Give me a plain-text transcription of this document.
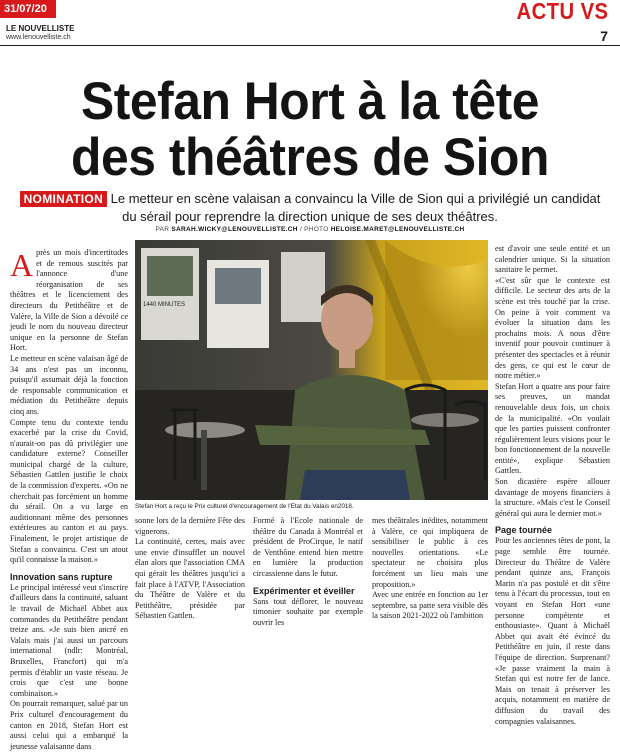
31/07/20
LE NOUVELLISTE
www.lenouvelliste.ch
ACTU VS
7
Stefan Hort à la tête
des théâtres de Sion
NOMINATION Le metteur en scène valaisan a convaincu la Ville de Sion qui a privilégié un candidat du sérail pour reprendre la direction unique de ses deux théâtres.
PAR SARAH.WICKY@LENOUVELLISTE.CH / PHOTO HELOISE.MARET@LENOUVELLISTE.CH
A près un mois d'incertitudes et de remous suscités par l'annonce d'une réorganisation de ses théâtres et le licenciement des directeurs du Petithéâtre et de Valère, la Ville de Sion a dévoilé ce jeudi le nom du nouveau directeur unique en la personne de Stefan Hort.

Le metteur en scène valaisan âgé de 34 ans n'est pas un inconnu, puisqu'il assumait déjà la fonction de responsable communication et médiation du Petithéâtre depuis cinq ans.

Compte tenu du contexte tendu exacerbé par la crise du Covid, n'aurait-on pas dû privilégier une candidature externe? Conseiller municipal chargé de la culture, Sébastien Gattlen justifie le choix de la commission d'experts. «On ne cherchait pas forcément un homme du sérail. On a vu large en auditionnant même des personnes extérieures au canton et au pays. Finalement, le projet artistique de Stefan a convaincu. C'est un atout qu'il connaisse la maison.»

Innovation sans rupture

Le principal intéressé veut s'inscrire d'ailleurs dans la continuité, saluant le travail de Michaël Abbet aux commandes du Petithéâtre pendant treize ans. «Je suis bien ancré en Valais mais j'ai aussi un parcours international (ndlr: Montréal, Bruxelles, Francfort) qui m'a permis d'établir un vaste réseau. Je crois que c'est une bonne combinaison.»

On pourrait remarquer, salué par un Prix culturel d'encouragement du canton en 2018, Stefan Hort est aussi celui qui a embarqué la jeunesse valaisanne dans

1440 MINUTES
Stefan Hort a reçu le Prix culturel d'encouragement de l'Etat du Valais en2018.

sonne lors de la dernière Fête des vignerons.

La continuité, certes, mais avec une envie d'insuffler un nouvel élan alors que l'association CMA qui gérait les théâtres jusqu'ici a fait place à l'ATVP, l'Association du Théâtre de Valère et du Petithéâtre, présidée par Sébastien Gattlen.

Formé à l'Ecole nationale de théâtre du Canada à Montréal et président de ProCirque, le natif de Venthône entend bien mettre en lumière la production circassienne dans le futur.

Expérimenter et éveiller

Sans tout déflorer, le nouveau timonier souhaite par exemple ouvrir les

mes théâtrales inédites, notamment à Valère, ce qui impliquera de sensibiliser le public à ces nouvelles orientations. «Le spectateur ne choisira plus forcément un lieu mais une proposition.»

Avec une entrée en fonction au 1er septembre, sa patte sera visible dès la saison 2021-2022 où l'ambition

est d'avoir une seule entité et un calendrier unique. Si la situation sanitaire le permet.

«C'est sûr que le contexte est difficile. Le secteur des arts de la scène est très touché par la crise. On peine à voir comment va évoluer la situation dans les prochains mois. A nous d'être inventif pour pouvoir continuer à présenter des spectacles et à réunir des gens, ce qui est le cœur de notre métier.»

Stefan Hort a quatre ans pour faire ses preuves, un mandat renouvelable deux fois, un choix de la municipalité. «On voulait que les parties puissent confronter régulièrement leurs visions pour le bon fonctionnement de la nouvelle entité», explique Sébastien Gattlen.

Son dicastère espère allouer davantage de moyens financiers à la structure. «Mais c'est le Conseil général qui aura le dernier mot.»

Page tournée

Pour les anciennes têtes de pont, la page semble être tournée. Directeur du Théâtre de Valère pendant quinze ans, François Marin n'a pas postulé et dit s'être tenu à l'écart du processus, tout en voyant en Stefan Hort «une personne compétente et enthousiaste». Quant à Michaël Abbet qui avait été évincé du Petithéâtre en juin, il reste dans l'équipe de direction. Surprenant? «Je passe vraiment la main à Stefan qui est notre fer de lance. Mais on tenait à préserver les acquis, notamment en matière de diffusion du travail des compagnies valaisannes.
